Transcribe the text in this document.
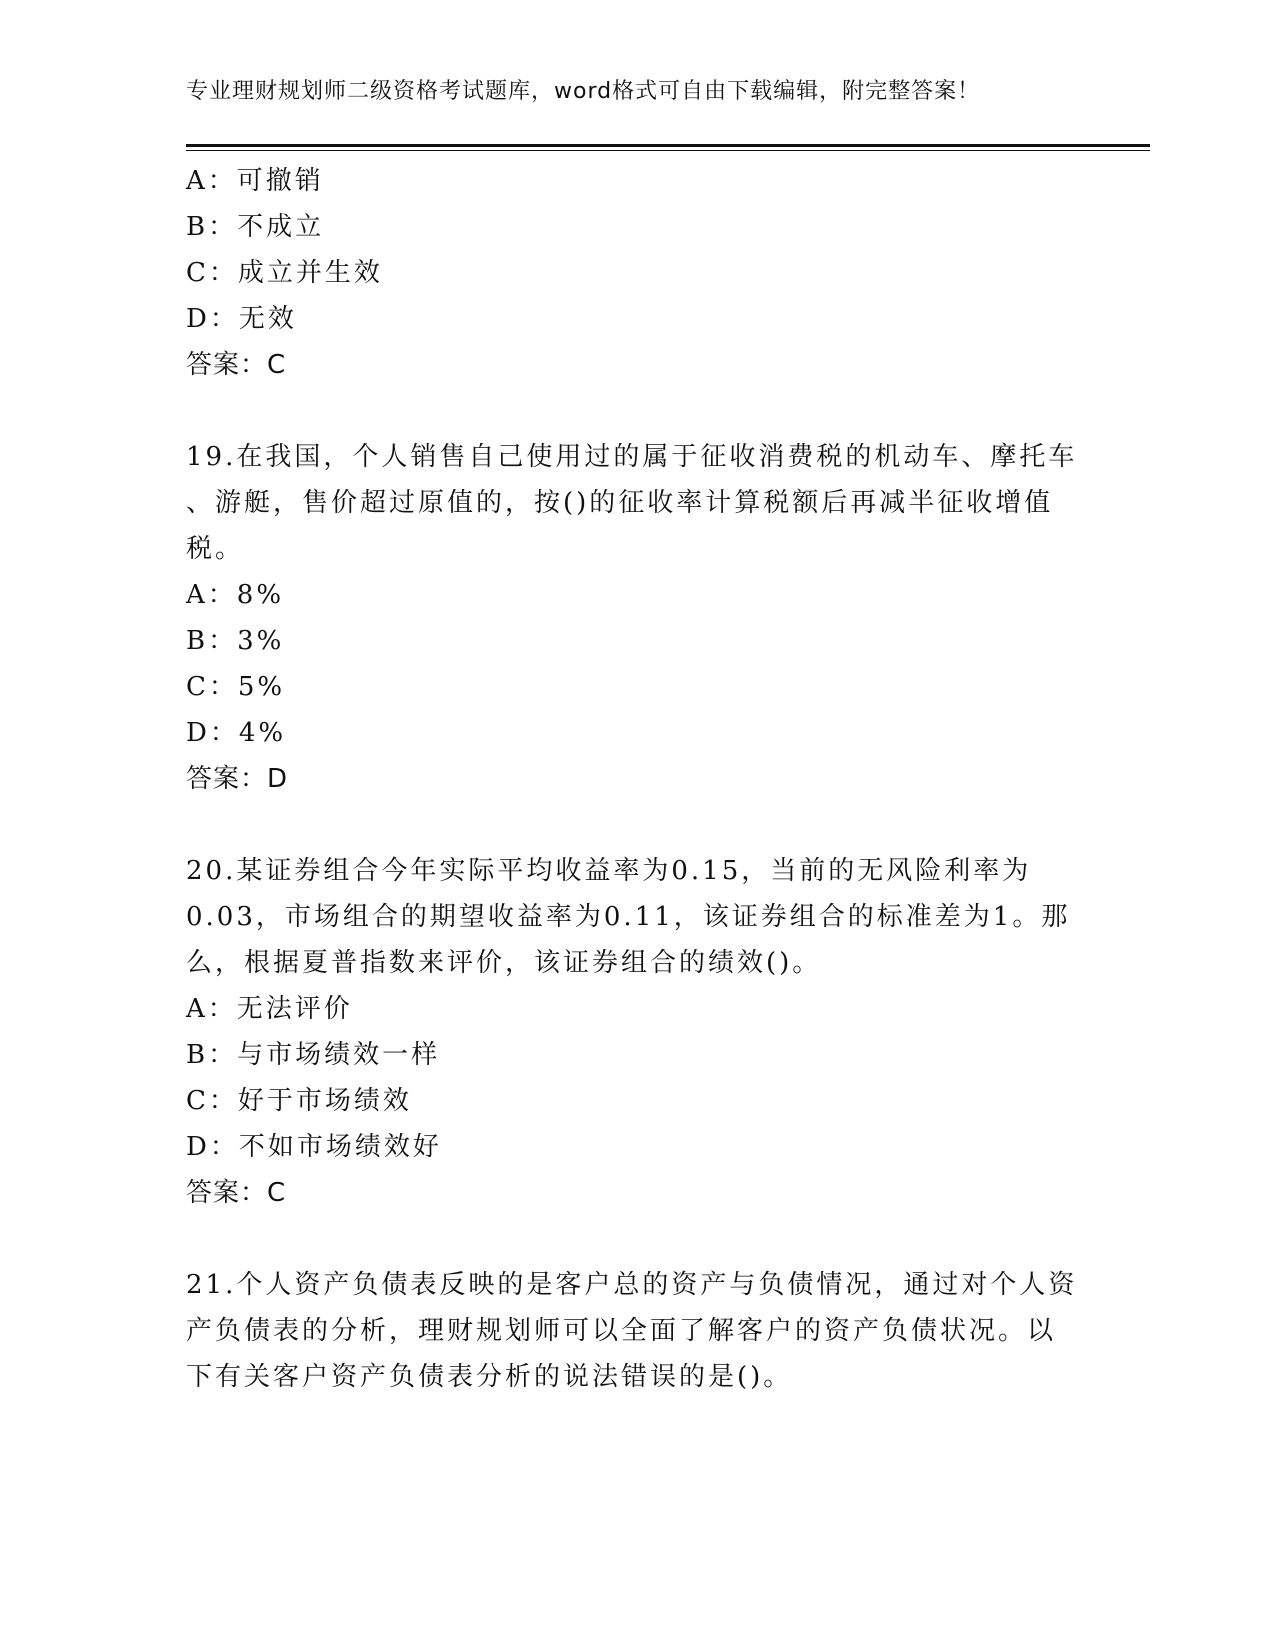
专业理财规划师二级资格考试题库，word格式可自由下载编辑，附完整答案！
A：可撤销
B：不成立
C：成立并生效
D：无效
答案：C
19.在我国，个人销售自己使用过的属于征收消费税的机动车、摩托车
、游艇，售价超过原值的，按()的征收率计算税额后再减半征收增值
税。
A：8%
B：3%
C：5%
D：4%
答案：D
20.某证券组合今年实际平均收益率为0.15，当前的无风险利率为
0.03，市场组合的期望收益率为0.11，该证券组合的标准差为1。那
么，根据夏普指数来评价，该证券组合的绩效()。
A：无法评价
B：与市场绩效一样
C：好于市场绩效
D：不如市场绩效好
答案：C
21.个人资产负债表反映的是客户总的资产与负债情况，通过对个人资
产负债表的分析，理财规划师可以全面了解客户的资产负债状况。以
下有关客户资产负债表分析的说法错误的是()。
